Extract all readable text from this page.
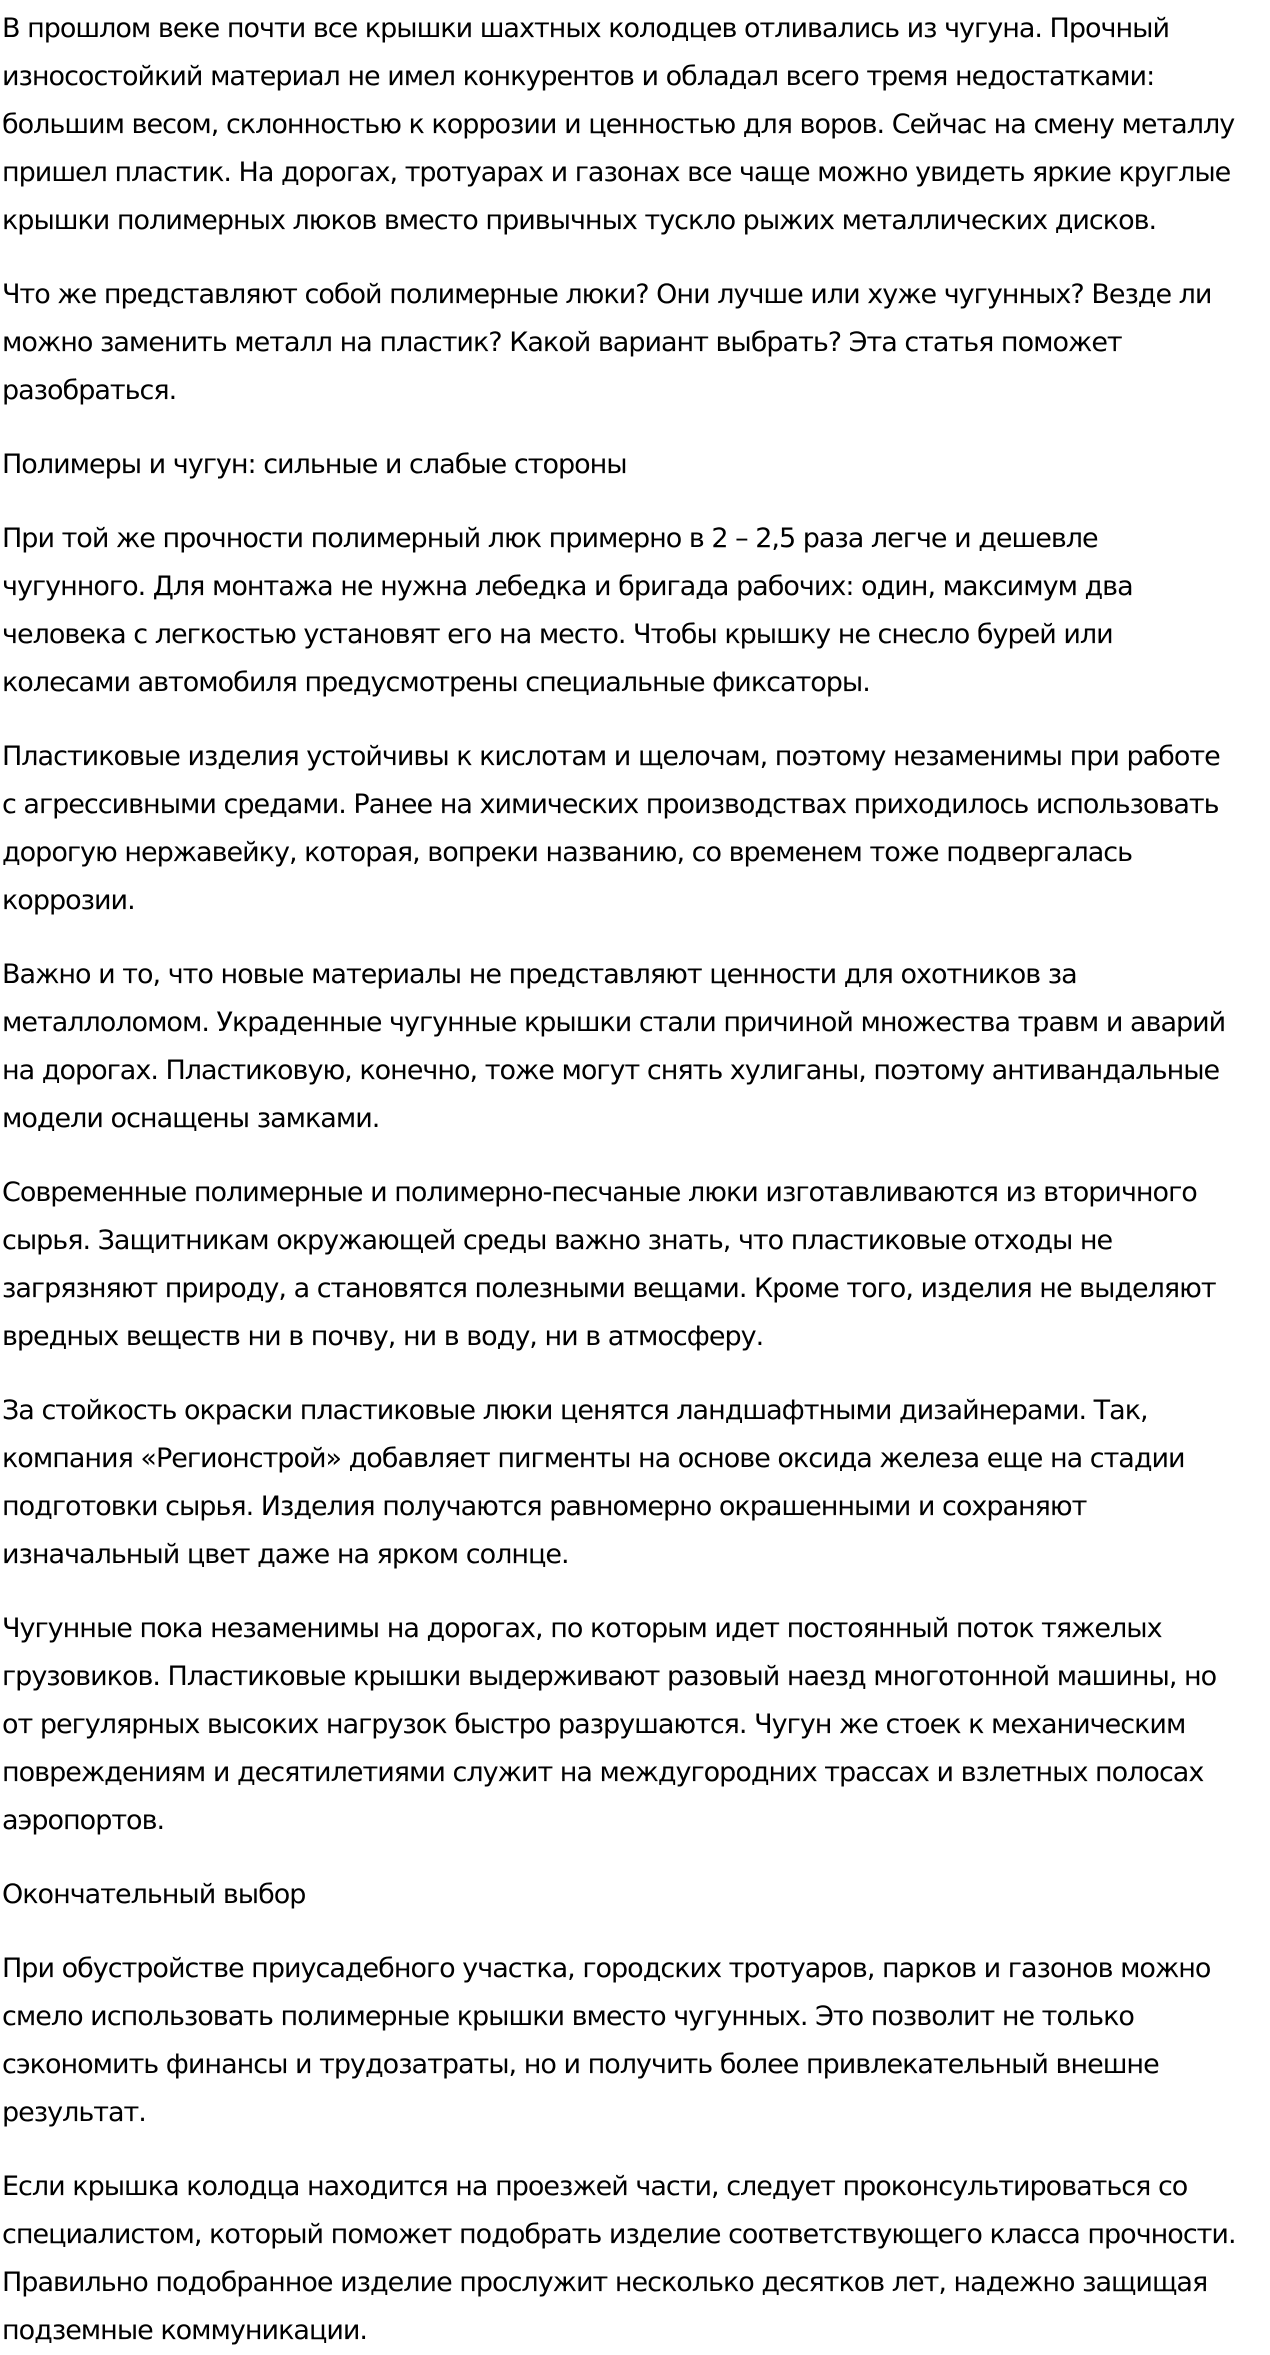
В прошлом веке почти все крышки шахтных колодцев отливались из чугуна. Прочный
износостойкий материал не имел конкурентов и обладал всего тремя недостатками:
большим весом, склонностью к коррозии и ценностью для воров. Сейчас на смену металлу
пришел пластик. На дорогах, тротуарах и газонах все чаще можно увидеть яркие круглые
крышки полимерных люков вместо привычных тускло рыжих металлических дисков.
Что же представляют собой полимерные люки? Они лучше или хуже чугунных? Везде ли
можно заменить металл на пластик? Какой вариант выбрать? Эта статья поможет
разобраться.
Полимеры и чугун: сильные и слабые стороны
При той же прочности полимерный люк примерно в 2 – 2,5 раза легче и дешевле
чугунного. Для монтажа не нужна лебедка и бригада рабочих: один, максимум два
человека с легкостью установят его на место. Чтобы крышку не снесло бурей или
колесами автомобиля предусмотрены специальные фиксаторы.
Пластиковые изделия устойчивы к кислотам и щелочам, поэтому незаменимы при работе
с агрессивными средами. Ранее на химических производствах приходилось использовать
дорогую нержавейку, которая, вопреки названию, со временем тоже подвергалась
коррозии.
Важно и то, что новые материалы не представляют ценности для охотников за
металлоломом. Украденные чугунные крышки стали причиной множества травм и аварий
на дорогах. Пластиковую, конечно, тоже могут снять хулиганы, поэтому антивандальные
модели оснащены замками.
Современные полимерные и полимерно-песчаные люки изготавливаются из вторичного
сырья. Защитникам окружающей среды важно знать, что пластиковые отходы не
загрязняют природу, а становятся полезными вещами. Кроме того, изделия не выделяют
вредных веществ ни в почву, ни в воду, ни в атмосферу.
За стойкость окраски пластиковые люки ценятся ландшафтными дизайнерами. Так,
компания «Регионстрой» добавляет пигменты на основе оксида железа еще на стадии
подготовки сырья. Изделия получаются равномерно окрашенными и сохраняют
изначальный цвет даже на ярком солнце.
Чугунные пока незаменимы на дорогах, по которым идет постоянный поток тяжелых
грузовиков. Пластиковые крышки выдерживают разовый наезд многотонной машины, но
от регулярных высоких нагрузок быстро разрушаются. Чугун же стоек к механическим
повреждениям и десятилетиями служит на междугородних трассах и взлетных полосах
аэропортов.
Окончательный выбор
При обустройстве приусадебного участка, городских тротуаров, парков и газонов можно
смело использовать полимерные крышки вместо чугунных. Это позволит не только
сэкономить финансы и трудозатраты, но и получить более привлекательный внешне
результат.
Если крышка колодца находится на проезжей части, следует проконсультироваться со
специалистом, который поможет подобрать изделие соответствующего класса прочности.
Правильно подобранное изделие прослужит несколько десятков лет, надежно защищая
подземные коммуникации.
